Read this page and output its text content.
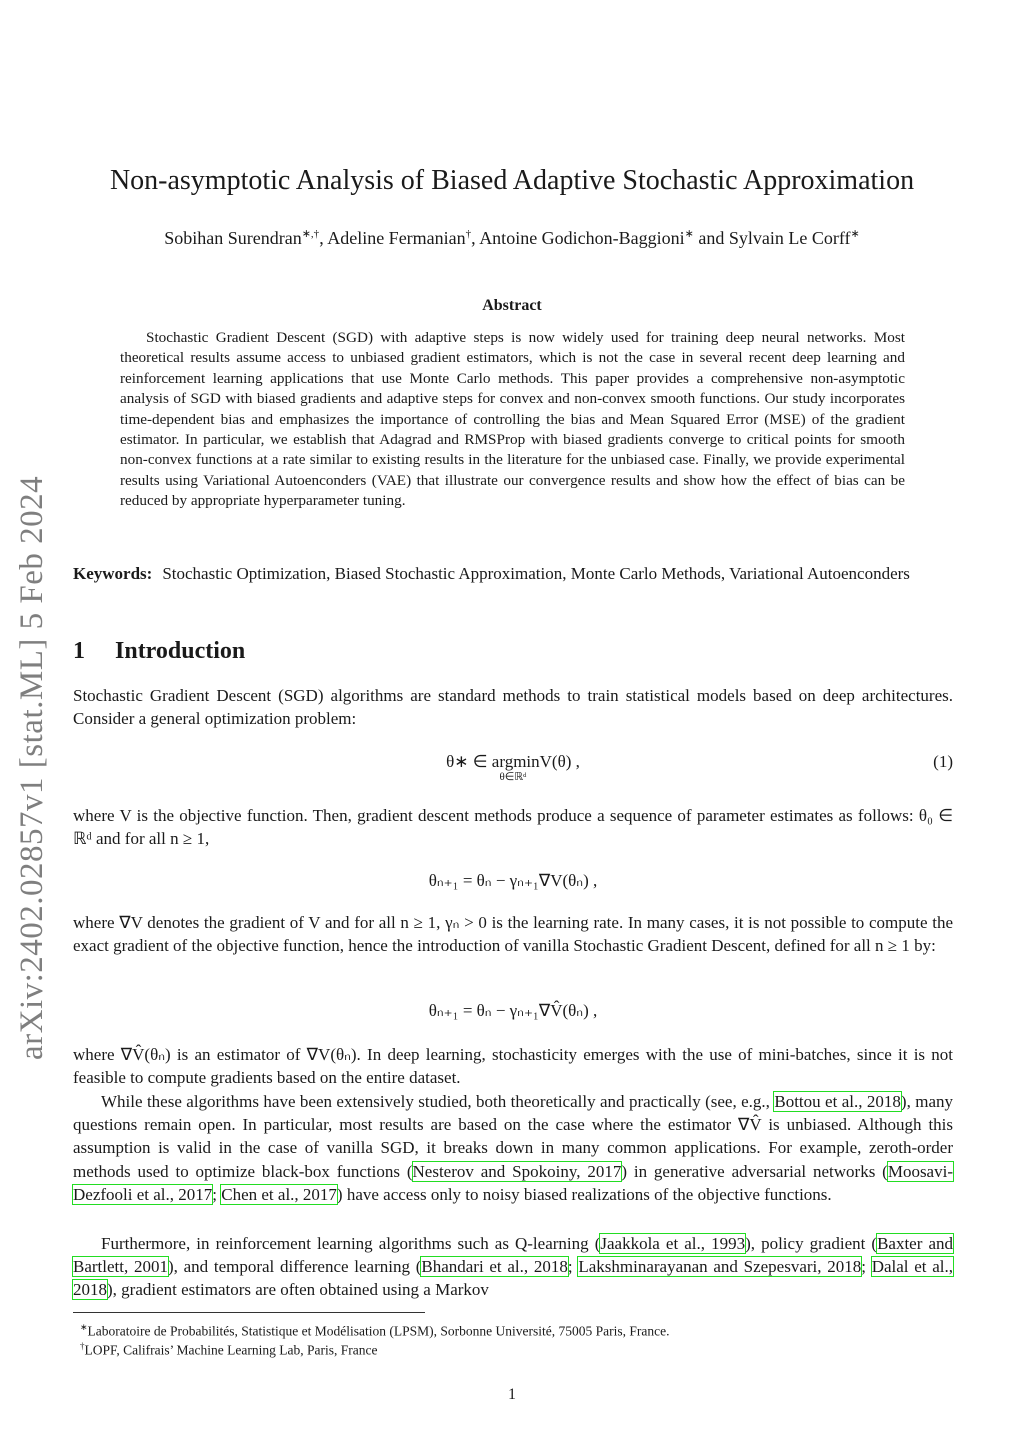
arXiv:2402.02857v1 [stat.ML] 5 Feb 2024
Non-asymptotic Analysis of Biased Adaptive Stochastic Approximation
Sobihan Surendran∗,†, Adeline Fermanian†, Antoine Godichon-Baggioni∗ and Sylvain Le Corff∗
Abstract
Stochastic Gradient Descent (SGD) with adaptive steps is now widely used for training deep neural networks. Most theoretical results assume access to unbiased gradient estimators, which is not the case in several recent deep learning and reinforcement learning applications that use Monte Carlo methods. This paper provides a comprehensive non-asymptotic analysis of SGD with biased gradients and adaptive steps for convex and non-convex smooth functions. Our study incorporates time-dependent bias and emphasizes the importance of controlling the bias and Mean Squared Error (MSE) of the gradient estimator. In particular, we establish that Adagrad and RMSProp with biased gradients converge to critical points for smooth non-convex functions at a rate similar to existing results in the literature for the unbiased case. Finally, we provide experimental results using Variational Autoenconders (VAE) that illustrate our convergence results and show how the effect of bias can be reduced by appropriate hyperparameter tuning.
Keywords: Stochastic Optimization, Biased Stochastic Approximation, Monte Carlo Methods, Variational Autoenconders
1 Introduction
Stochastic Gradient Descent (SGD) algorithms are standard methods to train statistical models based on deep architectures. Consider a general optimization problem:
θ∗ ∈ argminV(θ) ,
θ∈ℝᵈ
(1)
where V is the objective function. Then, gradient descent methods produce a sequence of parameter estimates as follows: θ₀ ∈ ℝᵈ and for all n ≥ 1,
θₙ₊₁ = θₙ − γₙ₊₁∇V(θₙ) ,
where ∇V denotes the gradient of V and for all n ≥ 1, γₙ > 0 is the learning rate. In many cases, it is not possible to compute the exact gradient of the objective function, hence the introduction of vanilla Stochastic Gradient Descent, defined for all n ≥ 1 by:
θₙ₊₁ = θₙ − γₙ₊₁∇V̂(θₙ) ,
where ∇V̂(θₙ) is an estimator of ∇V(θₙ). In deep learning, stochasticity emerges with the use of mini-batches, since it is not feasible to compute gradients based on the entire dataset.
While these algorithms have been extensively studied, both theoretically and practically (see, e.g., Bottou et al., 2018), many questions remain open. In particular, most results are based on the case where the estimator ∇V̂ is unbiased. Although this assumption is valid in the case of vanilla SGD, it breaks down in many common applications. For example, zeroth-order methods used to optimize black-box functions (Nesterov and Spokoiny, 2017) in generative adversarial networks (Moosavi-Dezfooli et al., 2017; Chen et al., 2017) have access only to noisy biased realizations of the objective functions.
Furthermore, in reinforcement learning algorithms such as Q-learning (Jaakkola et al., 1993), policy gradient (Baxter and Bartlett, 2001), and temporal difference learning (Bhandari et al., 2018; Lakshminarayanan and Szepesvari, 2018; Dalal et al., 2018), gradient estimators are often obtained using a Markov
∗Laboratoire de Probabilités, Statistique et Modélisation (LPSM), Sorbonne Université, 75005 Paris, France.
†LOPF, Califrais’ Machine Learning Lab, Paris, France
1
